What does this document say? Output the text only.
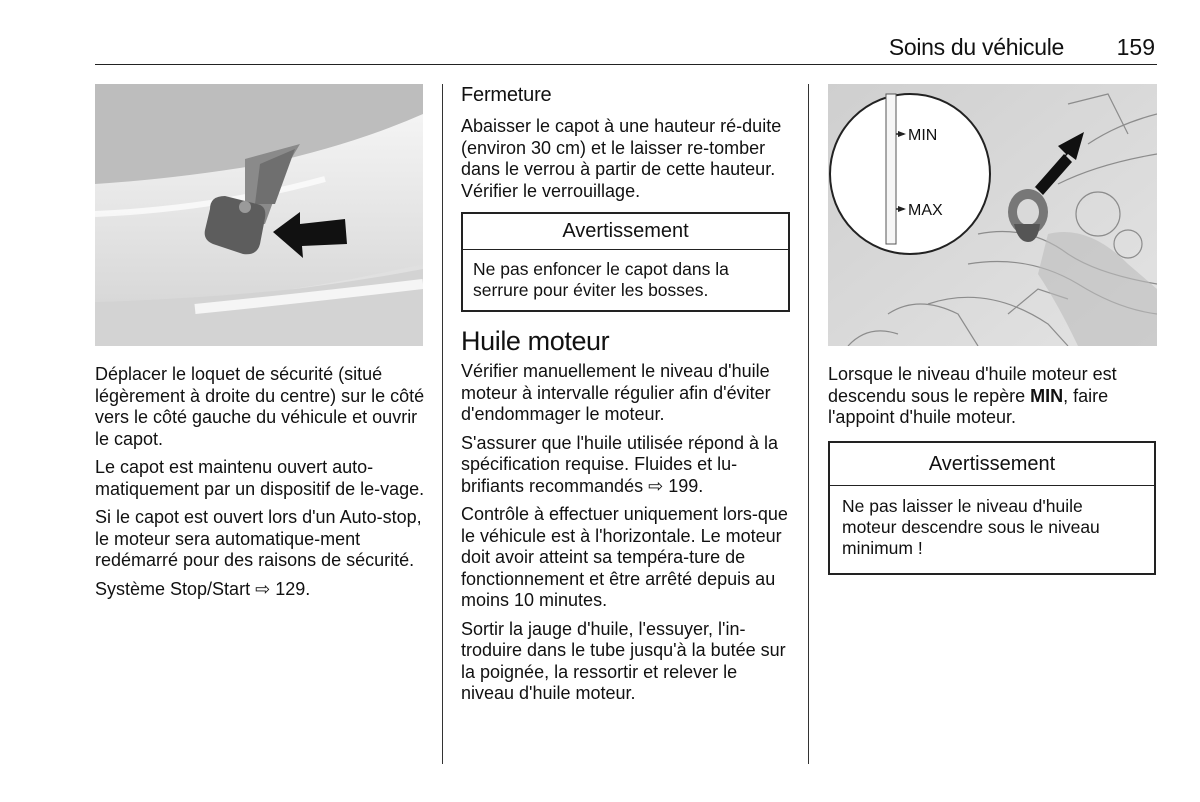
Soins du véhicule 159

Déplacer le loquet de sécurité (situé légèrement à droite du centre) sur le côté vers le côté gauche du véhicule et ouvrir le capot.

Le capot est maintenu ouvert auto-matiquement par un dispositif de le-vage.

Si le capot est ouvert lors d'un Auto-stop, le moteur sera automatique-ment redémarré pour des raisons de sécurité.

Système Stop/Start ⇨ 129.

Fermeture

Abaisser le capot à une hauteur ré-duite (environ 30 cm) et le laisser re-tomber dans le verrou à partir de cette hauteur. Vérifier le verrouillage.

Avertissement
Ne pas enfoncer le capot dans la serrure pour éviter les bosses.
Huile moteur

Vérifier manuellement le niveau d'huile moteur à intervalle régulier afin d'éviter d'endommager le moteur.

S'assurer que l'huile utilisée répond à la spécification requise. Fluides et lu-brifiants recommandés ⇨ 199.

Contrôle à effectuer uniquement lors-que le véhicule est à l'horizontale. Le moteur doit avoir atteint sa tempéra-ture de fonctionnement et être arrêté depuis au moins 10 minutes.

Sortir la jauge d'huile, l'essuyer, l'in-troduire dans le tube jusqu'à la butée sur la poignée, la ressortir et relever le niveau d'huile moteur.

MIN
MAX

Lorsque le niveau d'huile moteur est descendu sous le repère MIN, faire l'appoint d'huile moteur.

Avertissement
Ne pas laisser le niveau d'huile moteur descendre sous le niveau minimum !
